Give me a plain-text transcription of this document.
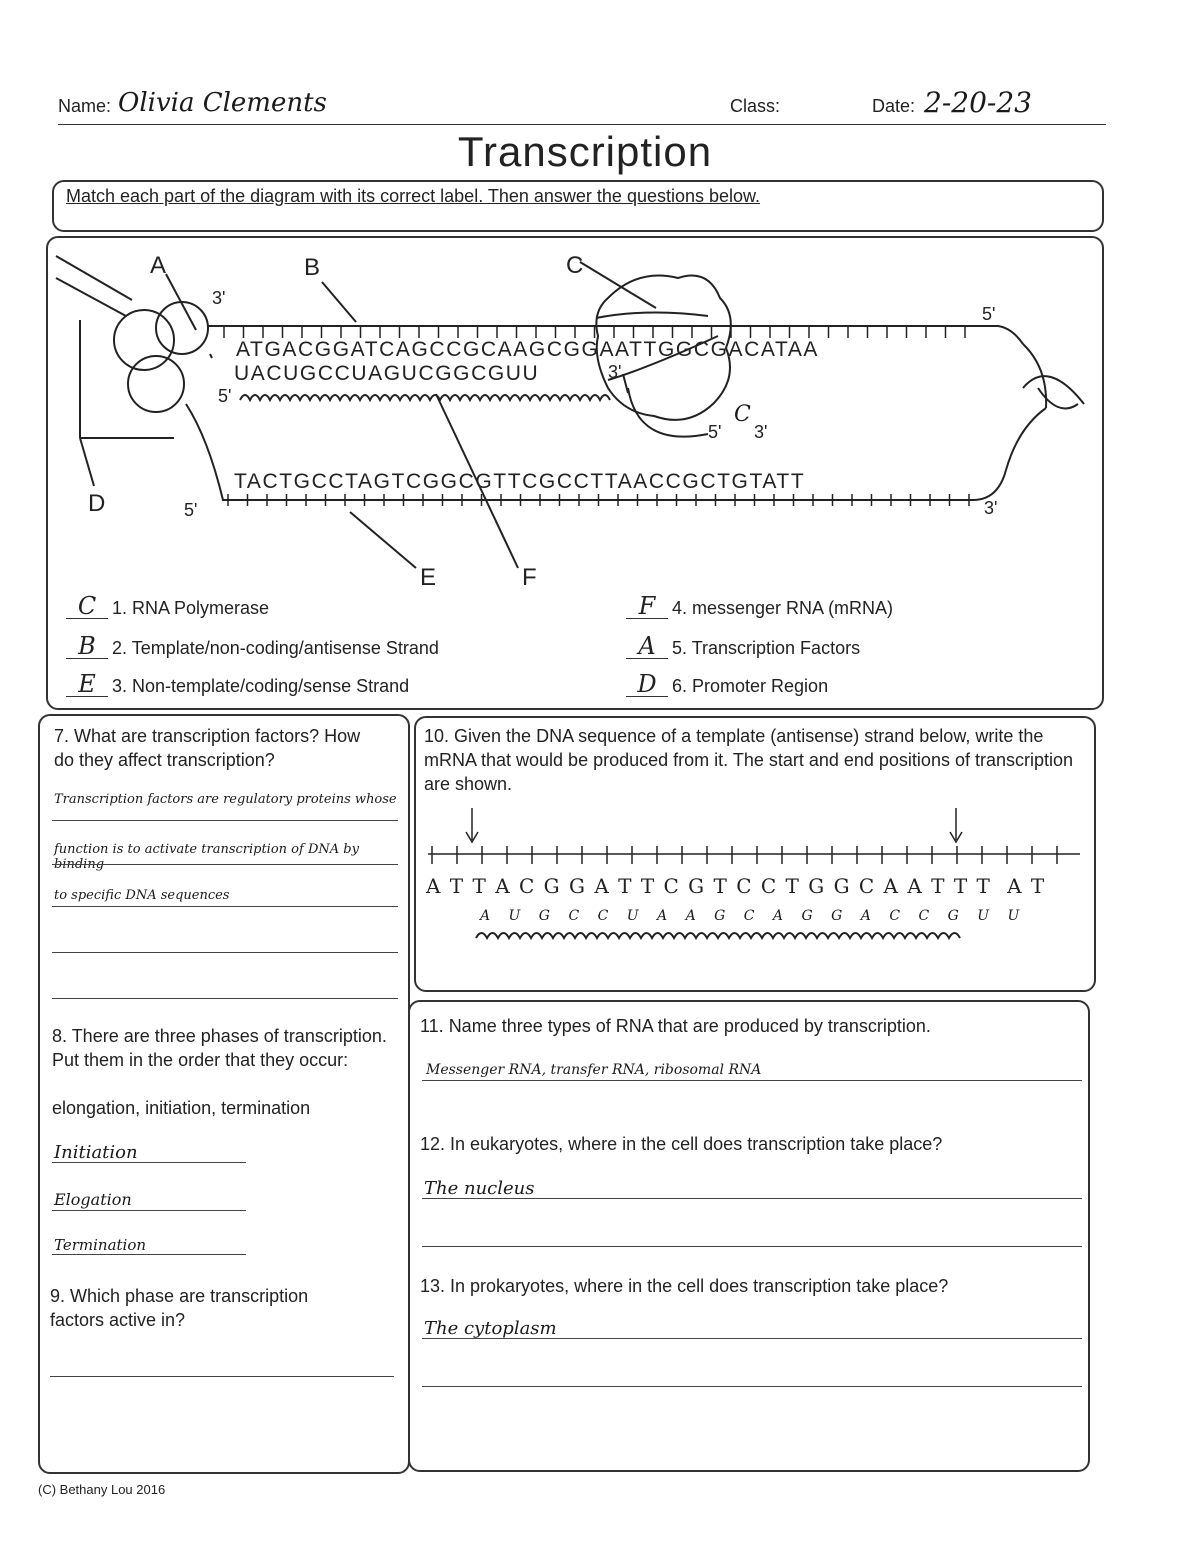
Name: Olivia Clements	Class:	Date: 2-20-23
Transcription
Match each part of the diagram with its correct label. Then answer the questions below.
A	B	C
D
E	F
3'
5'
5'
3'
5'	3'
5'
C
3'
ATGACGGATCAGCCGCAAGCGGAATTGGCGACATAA
UACUGCCUAGUCGGCGUU
TACTGCCTAGTCGGCGTTCGCCTTAACCGCTGTATT
C 1. RNA Polymerase
B 2. Template/non-coding/antisense Strand
E 3. Non-template/coding/sense Strand
F 4. messenger RNA (mRNA)
A 5. Transcription Factors
D 6. Promoter Region
7. What are transcription factors? How do they affect transcription?
Transcription factors are regulatory proteins whose
function is to activate transcription of DNA by binding
to specific DNA sequences
8. There are three phases of transcription. Put them in the order that they occur:
elongation, initiation, termination
Initiation
Elogation
Termination
9. Which phase are transcription factors active in?
10. Given the DNA sequence of a template (antisense) strand below, write the mRNA that would be produced from it. The start and end positions of transcription are shown.
A T T A C G G A T T C G T C C T G G C A A T T T  A T
A U G C C U A A G C A G G A C C G U U
11. Name three types of RNA that are produced by transcription.
Messenger RNA, transfer RNA, ribosomal RNA
12. In eukaryotes, where in the cell does transcription take place?
The nucleus
13. In prokaryotes, where in the cell does transcription take place?
The cytoplasm
(C) Bethany Lou 2016
